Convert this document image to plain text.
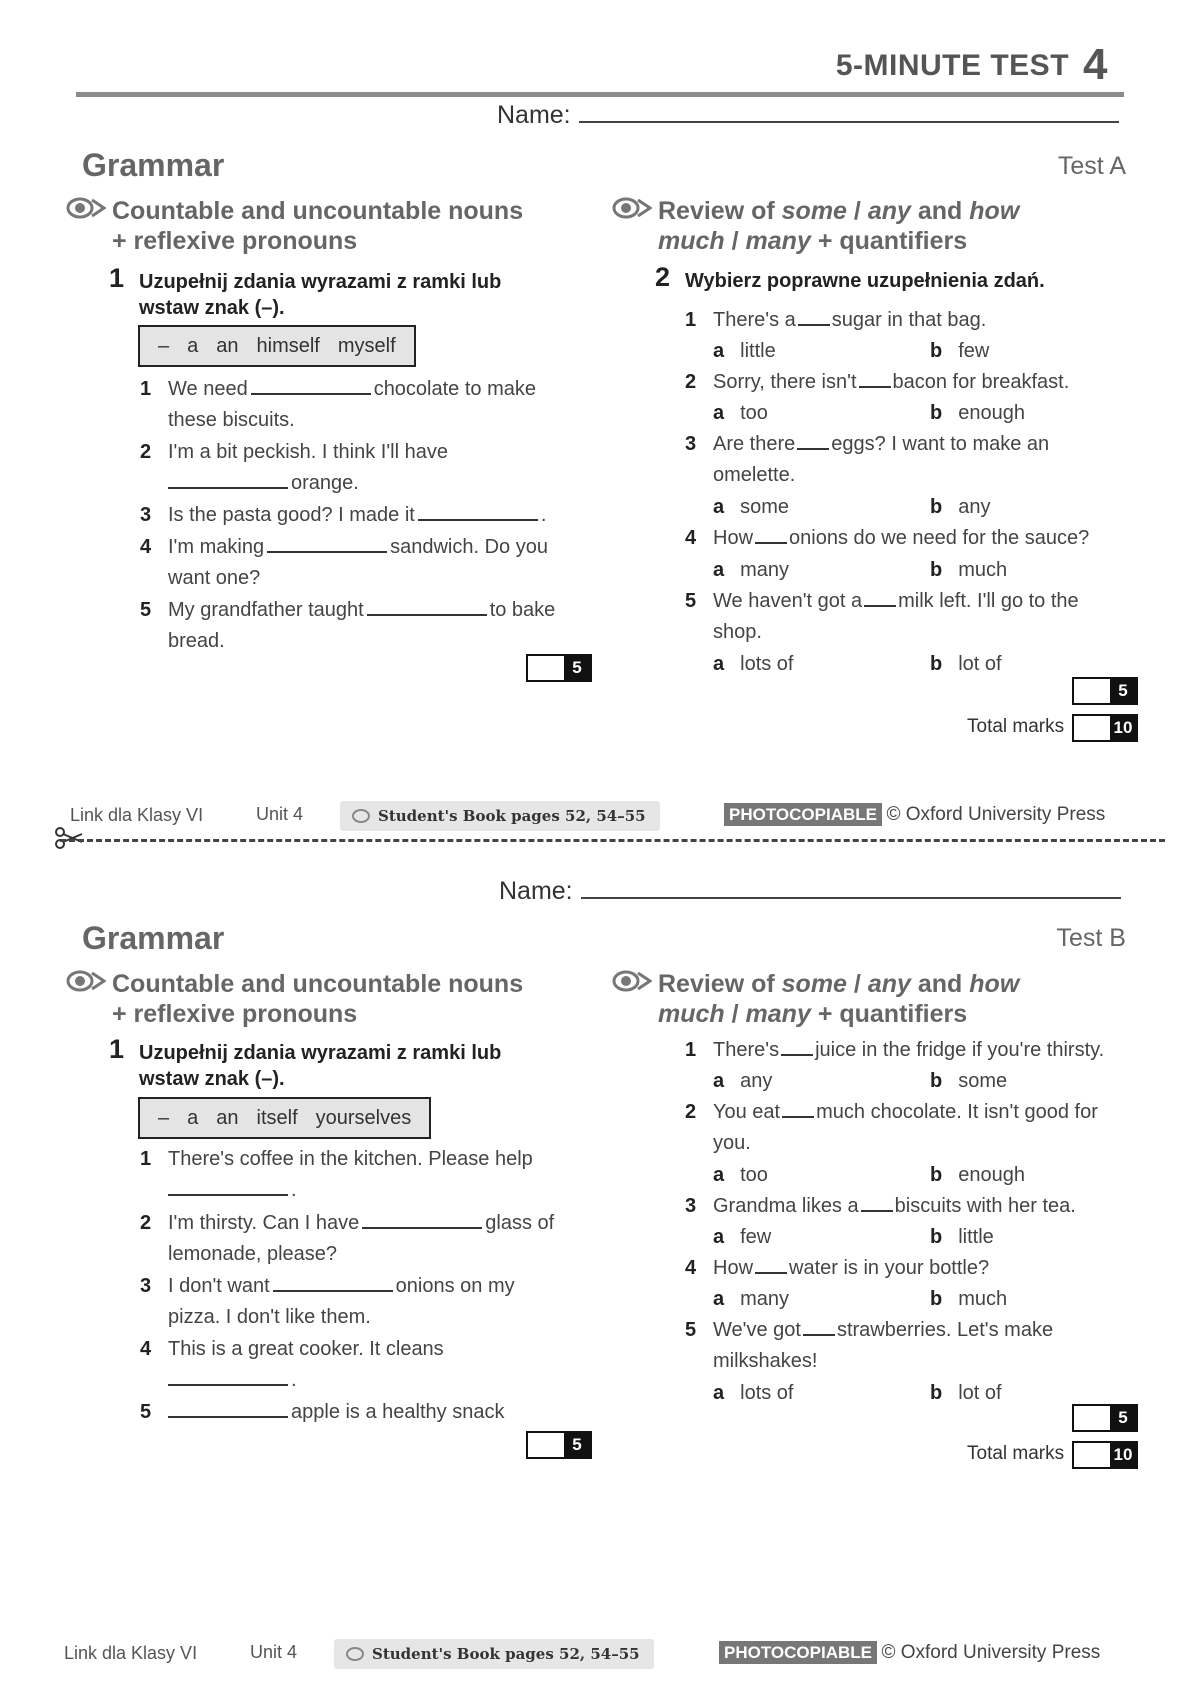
5-MINUTE TEST 4
Name:
Grammar	Test A
Countable and uncountable nouns
+ reflexive pronouns
1 Uzupełnij zdania wyrazami z ramki lub
wstaw znak (–).
– a an himself myself
1 We need	chocolate to make
these biscuits.
2 I'm a bit peckish. I think I'll have
orange.
3 Is the pasta good? I made it	.
4 I'm making	sandwich. Do you
want one?
5 My grandfather taught	to bake
bread.
5
Review of some / any and how
much / many + quantifiers
2 Wybierz poprawne uzupełnienia zdań.
1 There's a sugar in that bag.
a little	b few
2 Sorry, there isn't bacon for breakfast.
a too	b enough
3 Are there eggs? I want to make an
omelette.
a some	b any
4 How onions do we need for the sauce?
a many	b much
5 We haven't got a milk left. I'll go to the
shop.
a lots of	b lot of
5
Total marks	10
Link dla Klasy VI	Unit 4	Student's Book pages 52, 54–55	PHOTOCOPIABLE © Oxford University Press
Name:
Grammar	Test B
Countable and uncountable nouns
+ reflexive pronouns
1 Uzupełnij zdania wyrazami z ramki lub
wstaw znak (–).
– a an itself yourselves
1 There's coffee in the kitchen. Please help
.
2 I'm thirsty. Can I have	glass of
lemonade, please?
3 I don't want	onions on my
pizza. I don't like them.
4 This is a great cooker. It cleans
.
5	apple is a healthy snack
5
Review of some / any and how
much / many + quantifiers
1 There's juice in the fridge if you're thirsty.
a any	b some
2 You eat much chocolate. It isn't good for
you.
a too	b enough
3 Grandma likes a biscuits with her tea.
a few	b little
4 How water is in your bottle?
a many	b much
5 We've got strawberries. Let's make
milkshakes!
a lots of	b lot of
5
Total marks	10
Link dla Klasy VI	Unit 4	Student's Book pages 52, 54–55	PHOTOCOPIABLE © Oxford University Press
